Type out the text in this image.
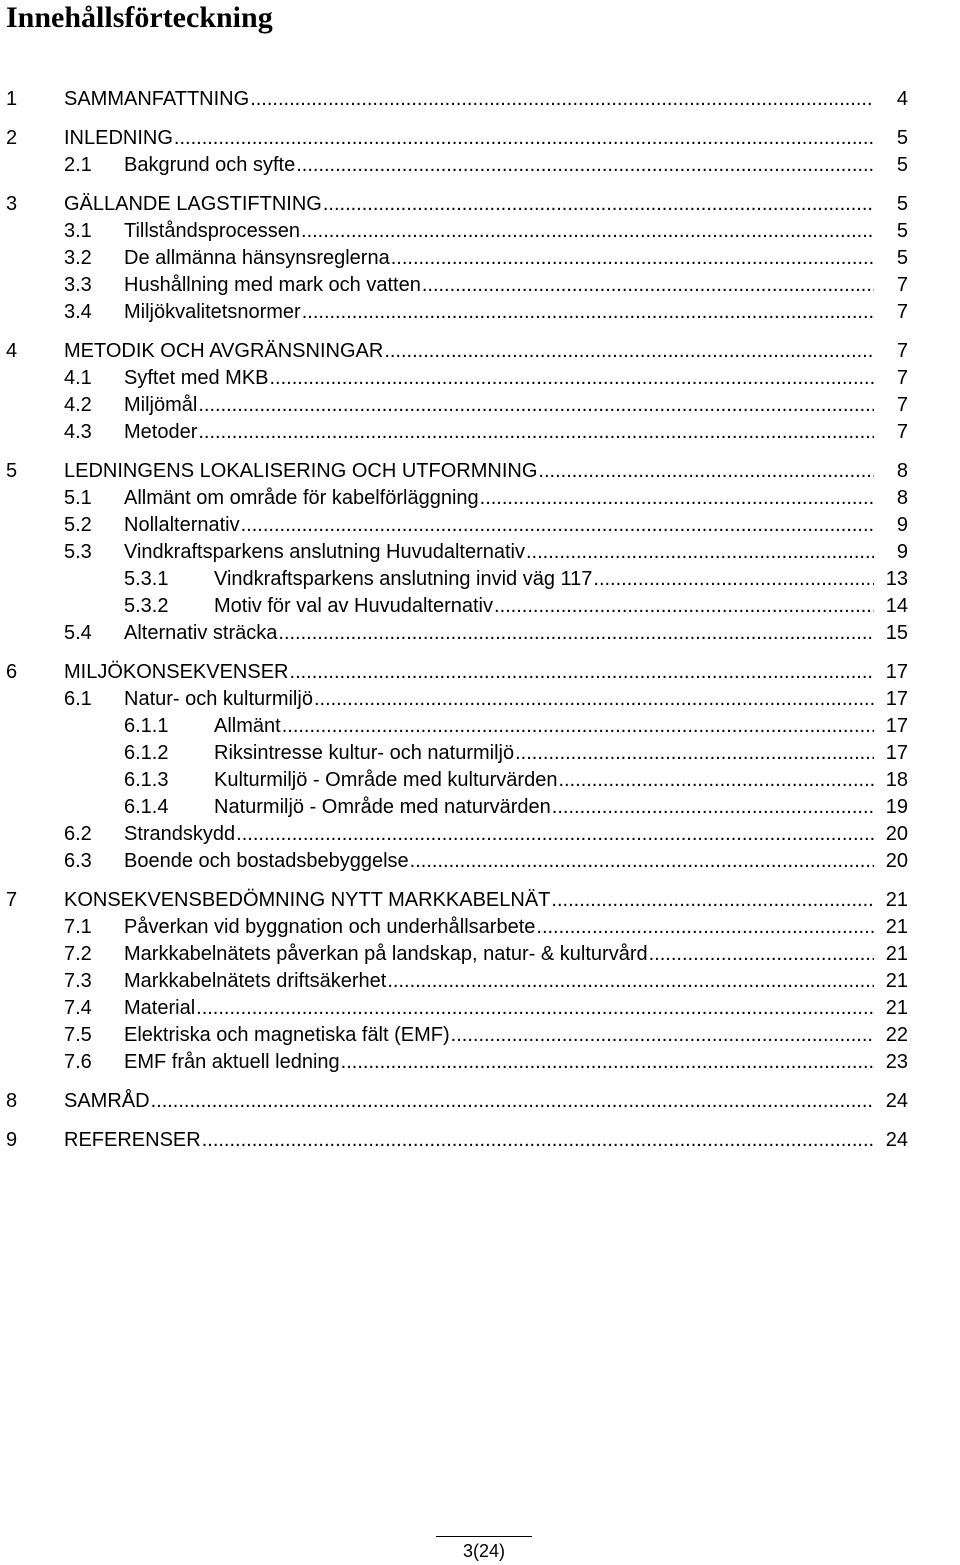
Innehållsförteckning
1 SAMMANFATTNING .....	4
2 INLEDNING .....	5
2.1 Bakgrund och syfte .....	5
3 GÄLLANDE LAGSTIFTNING .....	5
3.1 Tillståndsprocessen .....	5
3.2 De allmänna hänsynsreglerna .....	5
3.3 Hushållning med mark och vatten .....	7
3.4 Miljökvalitetsnormer .....	7
4 METODIK OCH AVGRÄNSNINGAR .....	7
4.1 Syftet med MKB .....	7
4.2 Miljömål .....	7
4.3 Metoder .....	7
5 LEDNINGENS LOKALISERING OCH UTFORMNING .....	8
5.1 Allmänt om område för kabelförläggning .....	8
5.2 Nollalternativ .....	9
5.3 Vindkraftsparkens anslutning Huvudalternativ .....	9
5.3.1 Vindkraftsparkens anslutning invid väg 117 .....	13
5.3.2 Motiv för val av Huvudalternativ .....	14
5.4 Alternativ sträcka .....	15
6 MILJÖKONSEKVENSER .....	17
6.1 Natur- och kulturmiljö .....	17
6.1.1 Allmänt .....	17
6.1.2 Riksintresse kultur- och naturmiljö .....	17
6.1.3 Kulturmiljö - Område med kulturvärden .....	18
6.1.4 Naturmiljö - Område med naturvärden .....	19
6.2 Strandskydd .....	20
6.3 Boende och bostadsbebyggelse .....	20
7 KONSEKVENSBEDÖMNING NYTT MARKKABELNÄT .....	21
7.1 Påverkan vid byggnation och underhållsarbete .....	21
7.2 Markkabelnätets påverkan på landskap, natur- & kulturvård .....	21
7.3 Markkabelnätets driftsäkerhet .....	21
7.4 Material .....	21
7.5 Elektriska och magnetiska fält (EMF) .....	22
7.6 EMF från aktuell ledning .....	23
8 SAMRÅD .....	24
9 REFERENSER .....	24
3(24)
